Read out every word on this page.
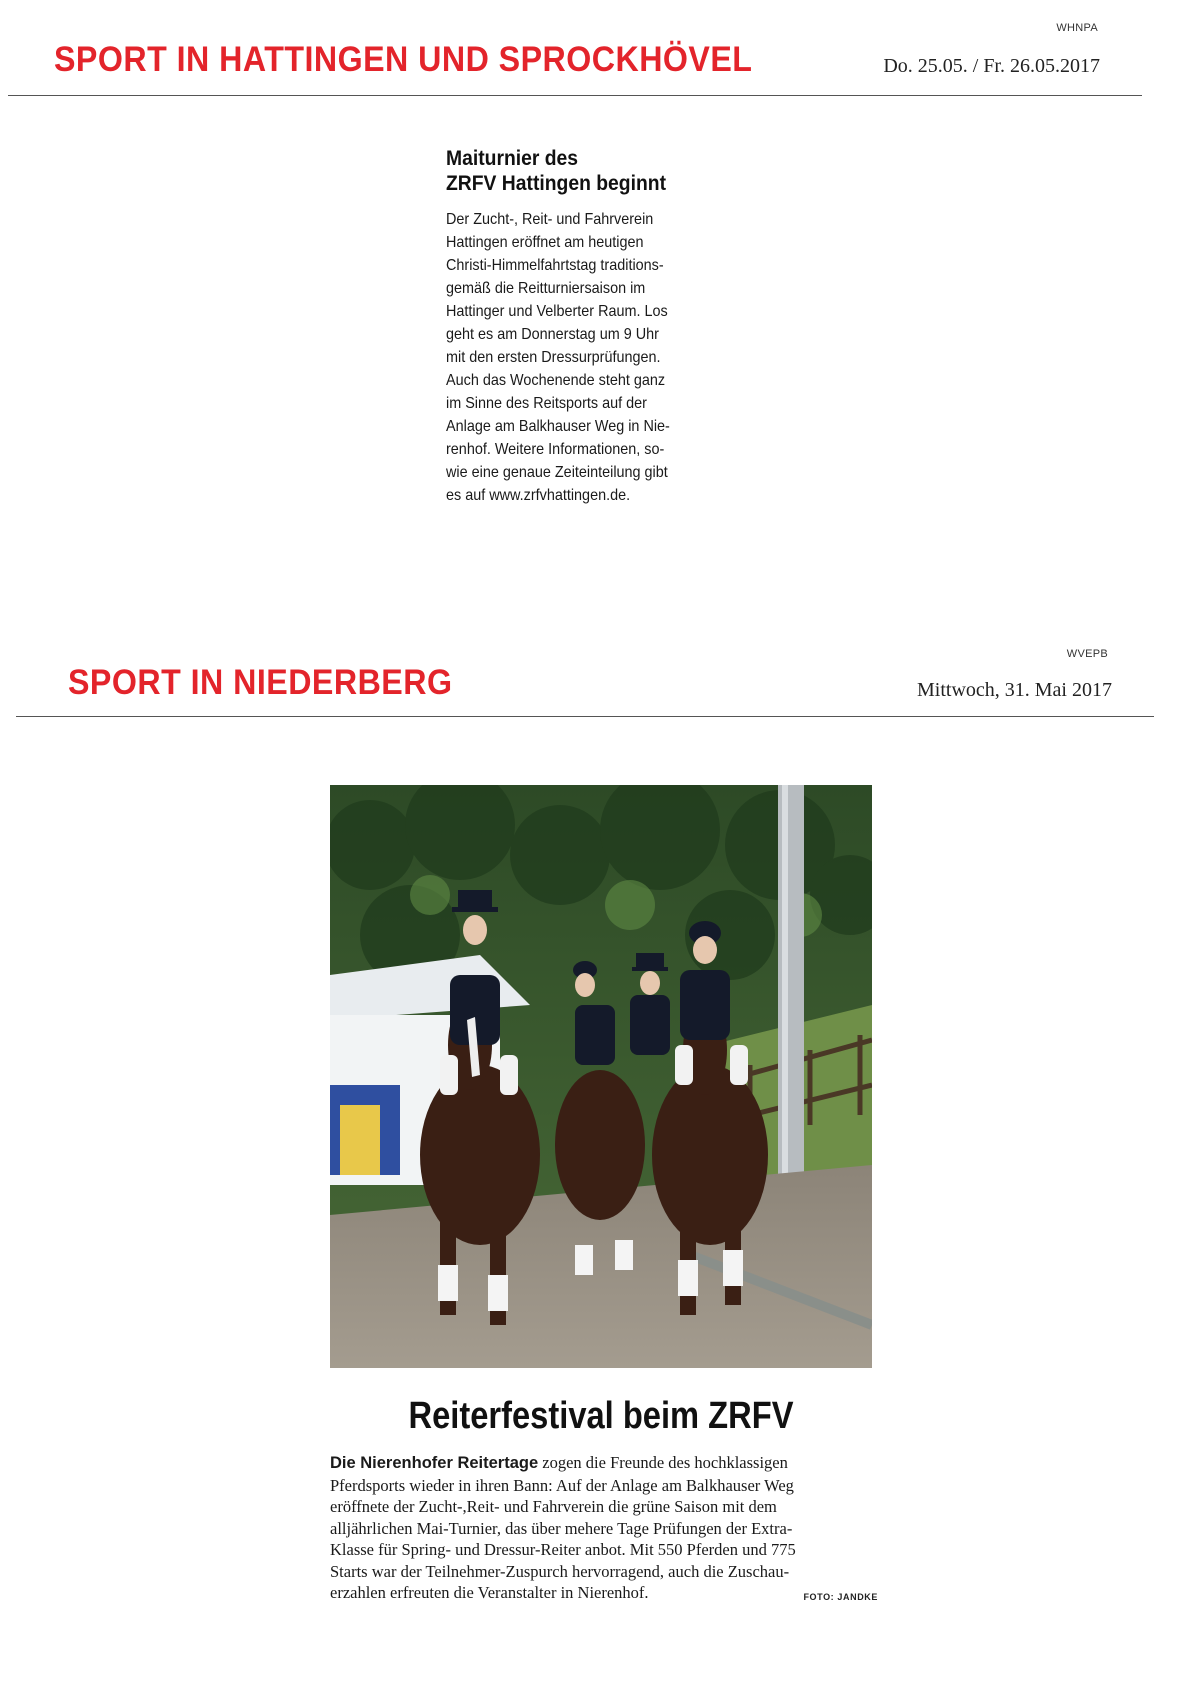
WHNPA
SPORT IN HATTINGEN UND SPROCKHÖVEL	Do. 25.05. / Fr. 26.05.2017
Maiturnier des
ZRFV Hattingen beginnt
Der Zucht-, Reit- und Fahrverein
Hattingen eröffnet am heutigen
Christi-Himmelfahrtstag traditions-
gemäß die Reitturniersaison im
Hattinger und Velberter Raum. Los
geht es am Donnerstag um 9 Uhr
mit den ersten Dressurprüfungen.
Auch das Wochenende steht ganz
im Sinne des Reitsports auf der
Anlage am Balkhauser Weg in Nie-
renhof. Weitere Informationen, so-
wie eine genaue Zeiteinteilung gibt
es auf www.zrfvhattingen.de.
WVEPB
SPORT IN NIEDERBERG	Mittwoch, 31. Mai 2017
Reiterfestival beim ZRFV
Die Nierenhofer Reitertage zogen die Freunde des hochklassigen
Pferdsports wieder in ihren Bann: Auf der Anlage am Balkhauser Weg
eröffnete der Zucht-,Reit- und Fahrverein die grüne Saison mit dem
alljährlichen Mai-Turnier, das über mehere Tage Prüfungen der Extra-
Klasse für Spring- und Dressur-Reiter anbot. Mit 550 Pferden und 775
Starts war der Teilnehmer-Zuspurch hervorragend, auch die Zuschau-
erzahlen erfreuten die Veranstalter in Nierenhof.	FOTO: JANDKE
